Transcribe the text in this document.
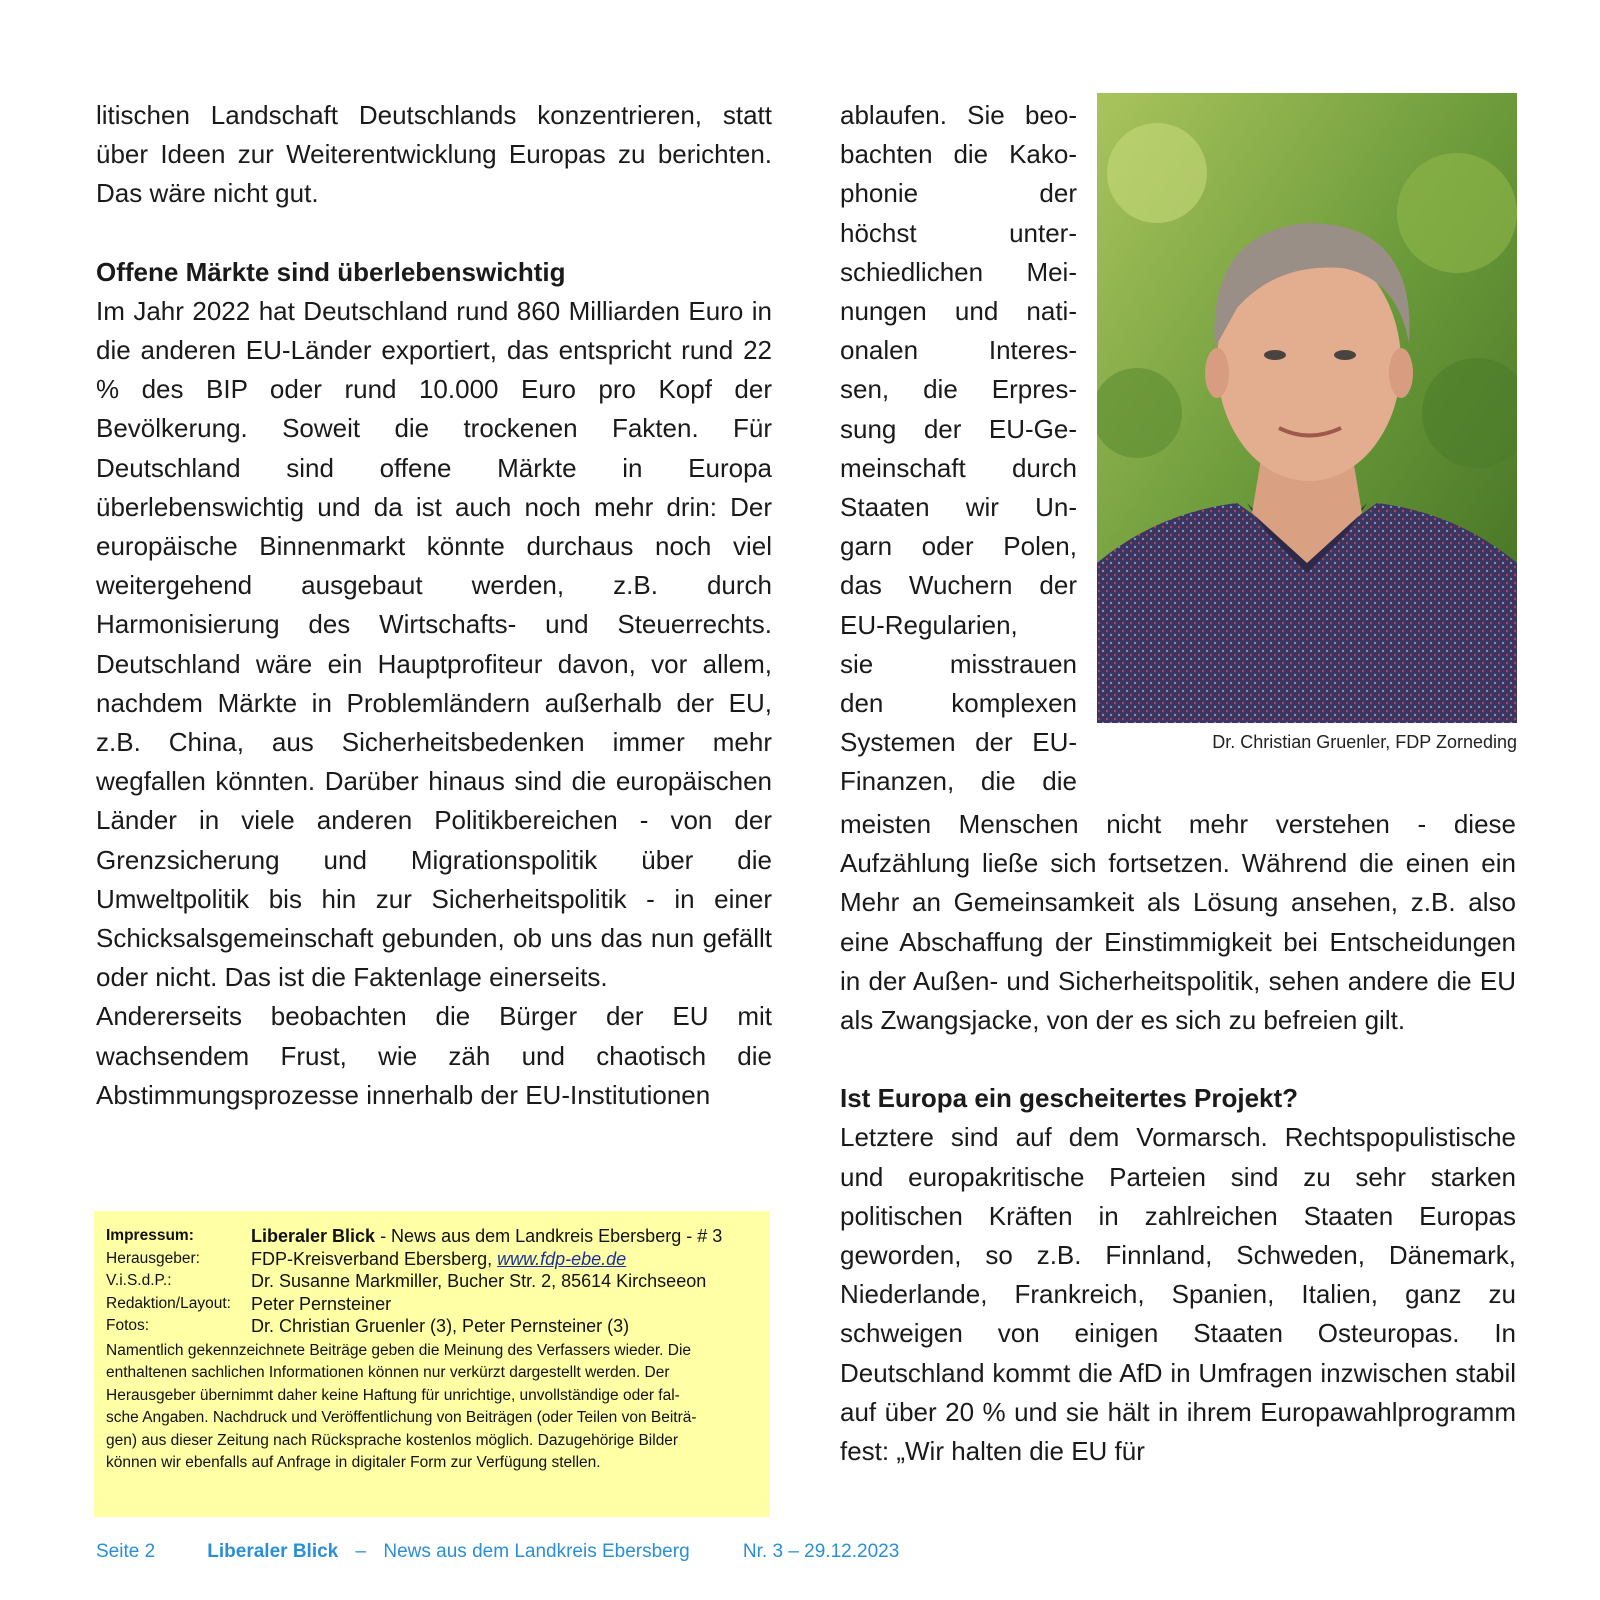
litischen Landschaft Deutschlands konzentrieren, statt über Ideen zur Weiterentwicklung Europas zu berichten. Das wäre nicht gut.

Offene Märkte sind überlebenswichtig

Im Jahr 2022 hat Deutschland rund 860 Milliarden Euro in die anderen EU-Länder exportiert, das entspricht rund 22 % des BIP oder rund 10.000 Euro pro Kopf der Bevölkerung. Soweit die trockenen Fakten. Für Deutschland sind offene Märkte in Europa überlebenswichtig und da ist auch noch mehr drin: Der europäische Binnenmarkt könnte durchaus noch viel weitergehend ausgebaut werden, z.B. durch Harmonisierung des Wirtschafts- und Steuerrechts. Deutschland wäre ein Hauptprofiteur davon, vor allem, nachdem Märkte in Problemländern außerhalb der EU, z.B. China, aus Sicherheitsbedenken immer mehr wegfallen könnten. Darüber hinaus sind die europäischen Länder in viele anderen Politikbereichen - von der Grenzsicherung und Migrationspolitik über die Umweltpolitik bis hin zur Sicherheitspolitik - in einer Schicksalsgemeinschaft gebunden, ob uns das nun gefällt oder nicht. Das ist die Faktenlage einerseits.

Andererseits beobachten die Bürger der EU mit wachsendem Frust, wie zäh und chaotisch die Abstimmungsprozesse innerhalb der EU-Institutionen

ablaufen. Sie beo-
bachten die Kako-
phonie der
höchst unter-
schiedlichen Mei-
nungen und nati-
onalen Interes-
sen, die Erpres-
sung der EU-Ge-
meinschaft durch
Staaten wir Un-
garn oder Polen,
das Wuchern der
EU-Regularien,
sie misstrauen
den komplexen
Systemen der EU-
Finanzen, die die
Dr. Christian Gruenler, FDP Zorneding

meisten Menschen nicht mehr verstehen - diese Aufzählung ließe sich fortsetzen. Während die einen ein Mehr an Gemeinsamkeit als Lösung ansehen, z.B. also eine Abschaffung der Einstimmigkeit bei Entscheidungen in der Außen- und Sicherheitspolitik, sehen andere die EU als Zwangsjacke, von der es sich zu befreien gilt.

Ist Europa ein gescheitertes Projekt?

Letztere sind auf dem Vormarsch. Rechtspopulistische und europakritische Parteien sind zu sehr starken politischen Kräften in zahlreichen Staaten Europas geworden, so z.B. Finnland, Schweden, Dänemark, Niederlande, Frankreich, Spanien, Italien, ganz zu schweigen von einigen Staaten Osteuropas. In Deutschland kommt die AfD in Umfragen inzwischen stabil auf über 20 % und sie hält in ihrem Europawahlprogramm fest: „Wir halten die EU für

Impressum:	Liberaler Blick - News aus dem Landkreis Ebersberg - # 3
Herausgeber:	FDP-Kreisverband Ebersberg, www.fdp-ebe.de
V.i.S.d.P.:	Dr. Susanne Markmiller, Bucher Str. 2, 85614 Kirchseeon
Redaktion/Layout:	Peter Pernsteiner
Fotos:	Dr. Christian Gruenler (3), Peter Pernsteiner (3)
Namentlich gekennzeichnete Beiträge geben die Meinung des Verfassers wieder. Die
enthaltenen sachlichen Informationen können nur verkürzt dargestellt werden. Der
Herausgeber übernimmt daher keine Haftung für unrichtige, unvollständige oder fal-
sche Angaben. Nachdruck und Veröffentlichung von Beiträgen (oder Teilen von Beiträ-
gen) aus dieser Zeitung nach Rücksprache kostenlos möglich. Dazugehörige Bilder
können wir ebenfalls auf Anfrage in digitaler Form zur Verfügung stellen.
Seite 2	Liberaler Blick – News aus dem Landkreis Ebersberg	Nr. 3 – 29.12.2023
